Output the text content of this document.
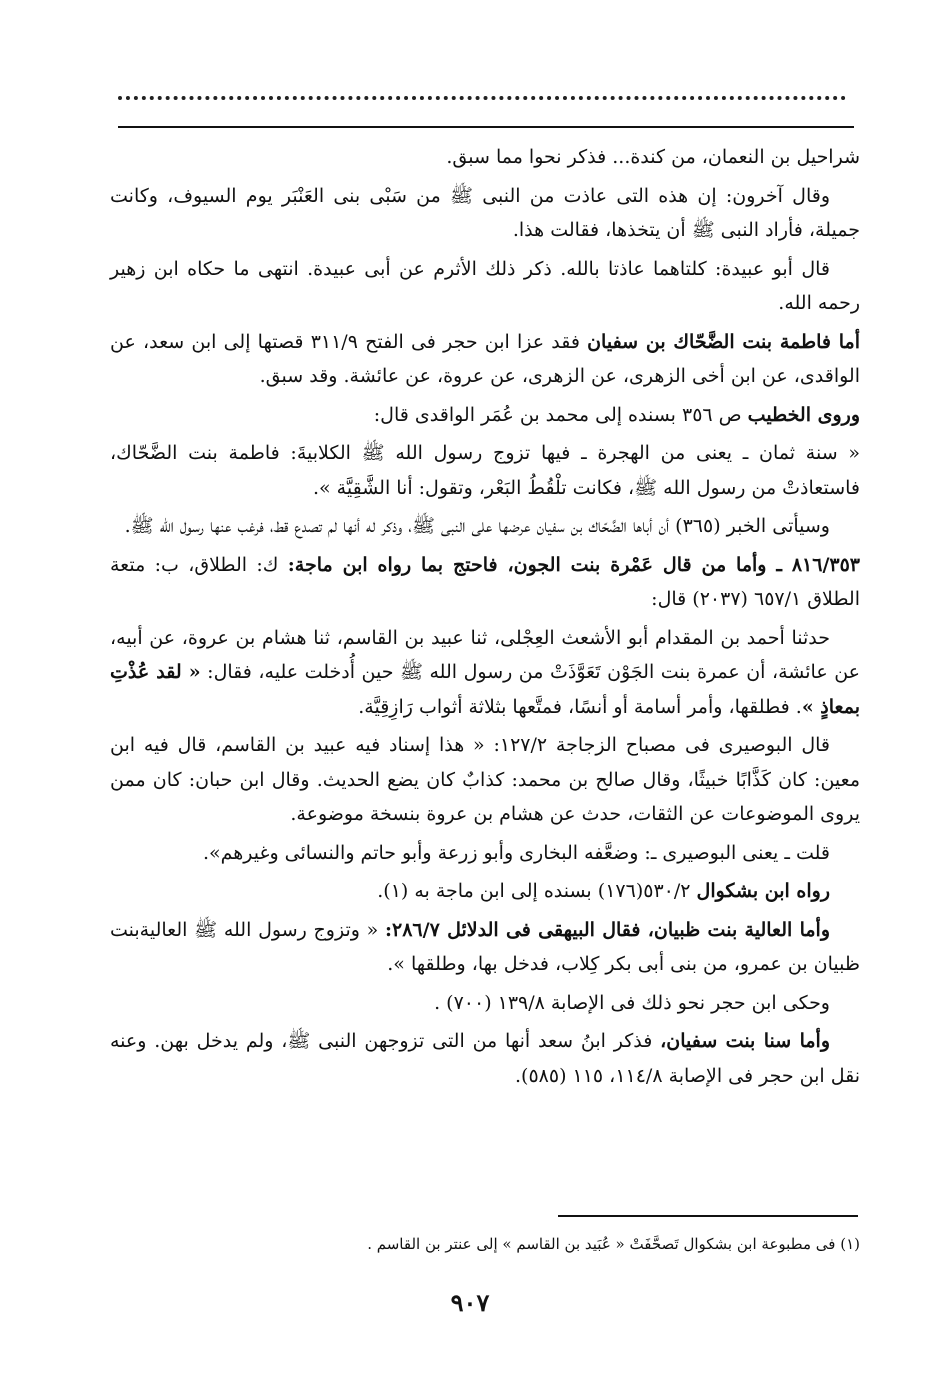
شراحيل بن النعمان، من كندة... فذكر نحوا مما سبق.

وقال آخرون: إن هذه التى عاذت من النبى ﷺ من سَبْى بنى العَنْبَر يوم السيوف، وكانت جميلة، فأراد النبى ﷺ أن يتخذها، فقالت هذا.

قال أبو عبيدة: كلتاهما عاذتا بالله. ذكر ذلك الأثرم عن أبى عبيدة. انتهى ما حكاه ابن زهير رحمه الله.

أما فاطمة بنت الضَّحّاك بن سفيان فقد عزا ابن حجر فى الفتح ٣١١/٩ قصتها إلى ابن سعد، عن الواقدى، عن ابن أخى الزهرى، عن الزهرى، عن عروة، عن عائشة. وقد سبق.

وروى الخطيب ص ٣٥٦ بسنده إلى محمد بن عُمَر الواقدى قال:

« سنة ثمان ـ يعنى من الهجرة ـ فيها تزوج رسول الله ﷺ الكلابيةَ: فاطمة بنت الضَّحّاك، فاستعاذتْ من رسول الله ﷺ، فكانت تلْقُطُ البَعْر، وتقول: أنا الشَّقِيَّة ».

وسيأتى الخبر (٣٦٥) أن أباها الضَّحّاك بن سفيان عرضها على النبى ﷺ، وذكر له أنها لم تصدع قط، فرغب عنها رسول الله ﷺ.

٨١٦/٣٥٣ ـ وأما من قال عَمْرة بنت الجون، فاحتج بما رواه ابن ماجة: ك: الطلاق، ب: متعة الطلاق ٦٥٧/١ (٢٠٣٧) قال:

حدثنا أحمد بن المقدام أبو الأشعث العِجْلى، ثنا عبيد بن القاسم، ثنا هشام بن عروة، عن أبيه، عن عائشة، أن عمرة بنت الجَوْن تَعَوَّذَتْ من رسول الله ﷺ حين أُدخلت عليه، فقال: « لقد عُذْتِ بمعاذٍ ». فطلقها، وأمر أسامة أو أنسًا، فمتَّعها بثلاثة أثواب رَازِقِيَّة.

قال البوصيرى فى مصباح الزجاجة ١٢٧/٢: « هذا إسناد فيه عبيد بن القاسم، قال فيه ابن معين: كان كَذَّابًا خبيثًا، وقال صالح بن محمد: كذابٌ كان يضع الحديث. وقال ابن حبان: كان ممن يروى الموضوعات عن الثقات، حدث عن هشام بن عروة بنسخة موضوعة.

قلت ـ يعنى البوصيرى ـ: وضعَّفه البخارى وأبو زرعة وأبو حاتم والنسائى وغيرهم».

رواه ابن بشكوال ٥٣٠/٢(١٧٦) بسنده إلى ابن ماجة به (١).

وأما العالية بنت ظبيان، فقال البيهقى فى الدلائل ٢٨٦/٧: « وتزوج رسول الله ﷺ العاليةبنت ظبيان بن عمرو، من بنى أبى بكر كِلاب، فدخل بها، وطلقها ».

وحكى ابن حجر نحو ذلك فى الإصابة ١٣٩/٨ (٧٠٠) .

وأما سنا بنت سفيان، فذكر ابنُ سعد أنها من التى تزوجهن النبى ﷺ، ولم يدخل بهن. وعنه نقل ابن حجر فى الإصابة ١١٤/٨، ١١٥ (٥٨٥).

(١) فى مطبوعة ابن بشكوال تَصحَّفَتْ « عُبَيد بن القاسم » إلى عنتر بن القاسم .
٩٠٧
